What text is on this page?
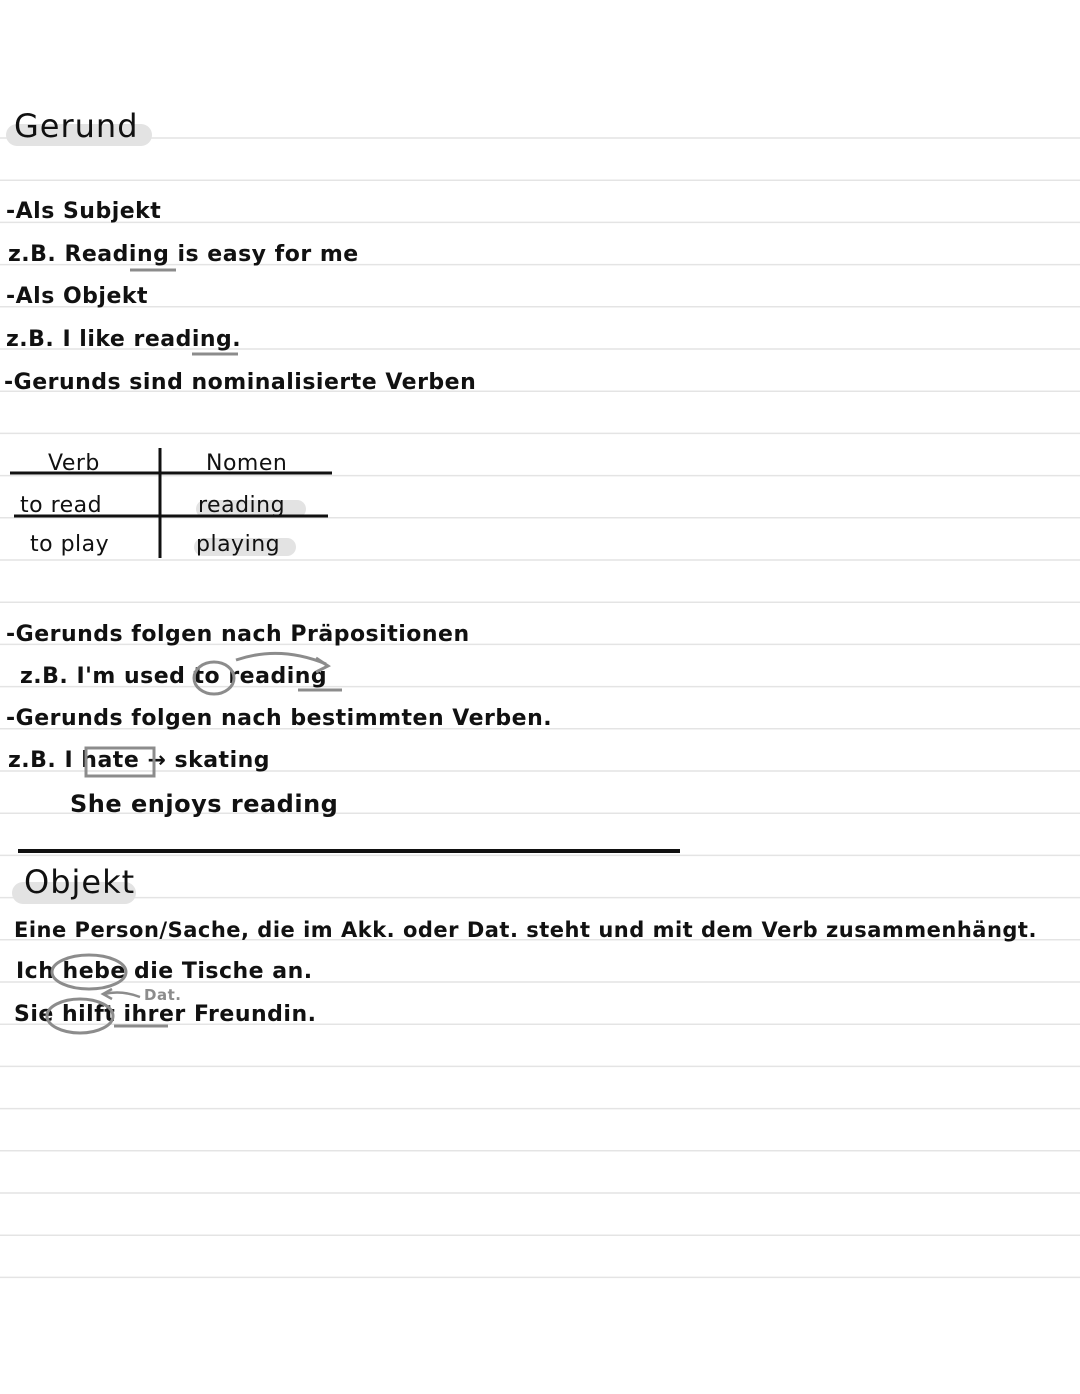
Gerund
-Als Subjekt
z.B. Reading is easy for me
-Als Objekt
z.B. I like reading.
-Gerunds sind nominalisierte Verben
Verb	Nomen
to read	reading
to play	playing
-Gerunds folgen nach Präpositionen
z.B. I'm used to reading
-Gerunds folgen nach bestimmten Verben.
z.B. I hate → skating
She enjoys reading
Objekt
Eine Person/Sache, die im Akk. oder Dat. steht und mit dem Verb zusammenhängt.
Ich hebe die Tische an.
Sie hilft ihrer Freundin.
Dat.
